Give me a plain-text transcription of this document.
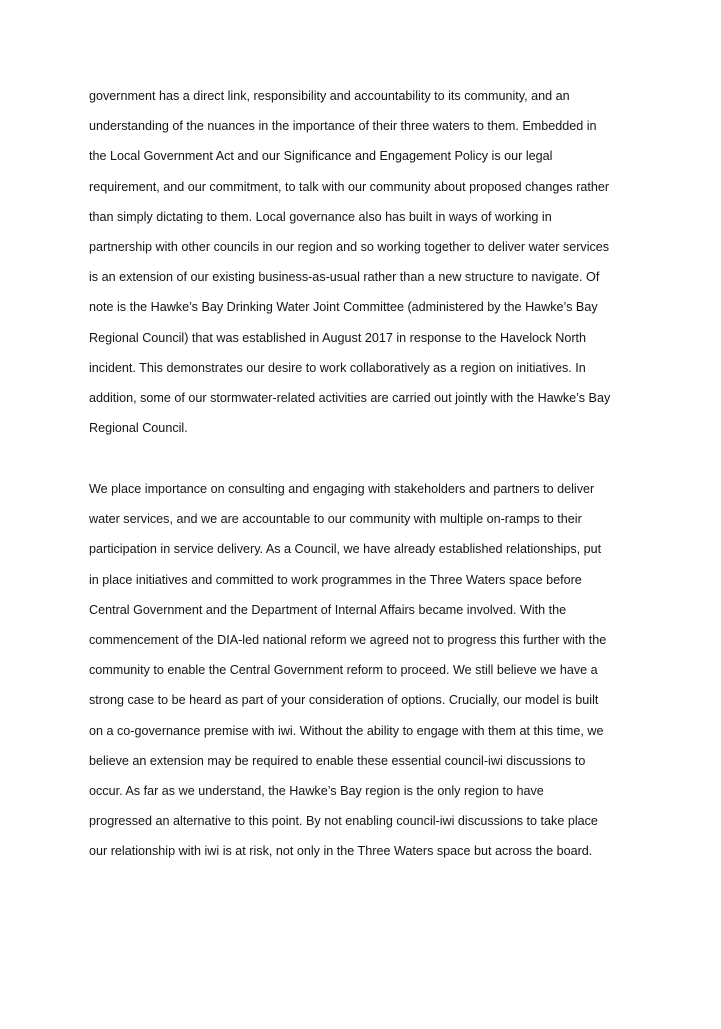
government has a direct link, responsibility and accountability to its community, and an
understanding of the nuances in the importance of their three waters to them. Embedded in
the Local Government Act and our Significance and Engagement Policy is our legal
requirement, and our commitment, to talk with our community about proposed changes rather
than simply dictating to them. Local governance also has built in ways of working in
partnership with other councils in our region and so working together to deliver water services
is an extension of our existing business-as-usual rather than a new structure to navigate. Of
note is the Hawke’s Bay Drinking Water Joint Committee (administered by the Hawke’s Bay
Regional Council) that was established in August 2017 in response to the Havelock North
incident. This demonstrates our desire to work collaboratively as a region on initiatives. In
addition, some of our stormwater-related activities are carried out jointly with the Hawke’s Bay
Regional Council.
We place importance on consulting and engaging with stakeholders and partners to deliver
water services, and we are accountable to our community with multiple on-ramps to their
participation in service delivery. As a Council, we have already established relationships, put
in place initiatives and committed to work programmes in the Three Waters space before
Central Government and the Department of Internal Affairs became involved. With the
commencement of the DIA-led national reform we agreed not to progress this further with the
community to enable the Central Government reform to proceed. We still believe we have a
strong case to be heard as part of your consideration of options. Crucially, our model is built
on a co-governance premise with iwi. Without the ability to engage with them at this time, we
believe an extension may be required to enable these essential council-iwi discussions to
occur. As far as we understand, the Hawke’s Bay region is the only region to have
progressed an alternative to this point. By not enabling council-iwi discussions to take place
our relationship with iwi is at risk, not only in the Three Waters space but across the board.
